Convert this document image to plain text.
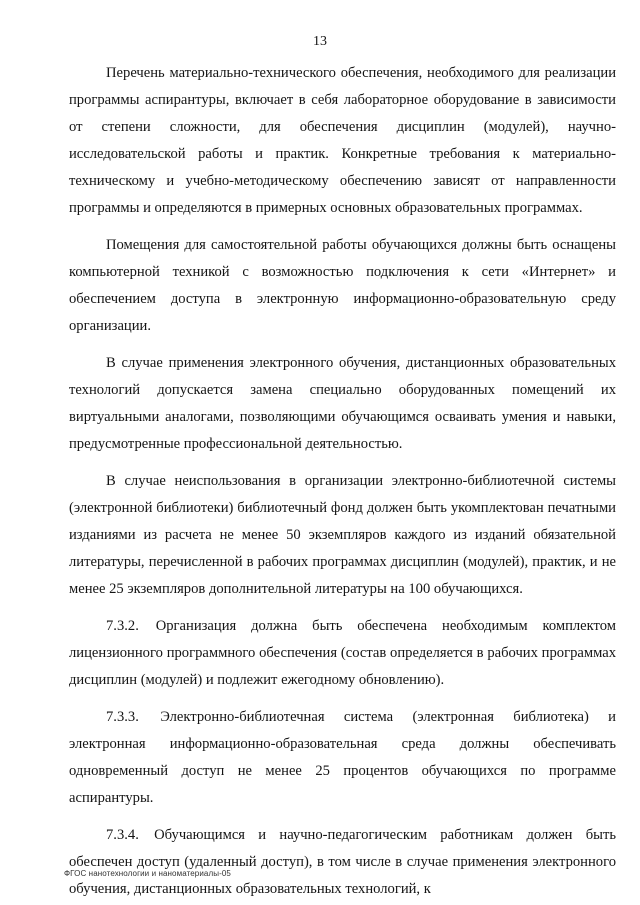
13

Перечень материально-технического обеспечения, необходимого для реализации программы аспирантуры, включает в себя лабораторное оборудование в зависимости от степени сложности, для обеспечения дисциплин (модулей), научно-исследовательской работы и практик. Конкретные требования к материально-техническому и учебно-методическому обеспечению зависят от направленности программы и определяются в примерных основных образовательных программах.

Помещения для самостоятельной работы обучающихся должны быть оснащены компьютерной техникой с возможностью подключения к сети «Интернет» и обеспечением доступа в электронную информационно-образовательную среду организации.

В случае применения электронного обучения, дистанционных образовательных технологий допускается замена специально оборудованных помещений их виртуальными аналогами, позволяющими обучающимся осваивать умения и навыки, предусмотренные профессиональной деятельностью.

В случае неиспользования в организации электронно-библиотечной системы (электронной библиотеки) библиотечный фонд должен быть укомплектован печатными изданиями из расчета не менее 50 экземпляров каждого из изданий обязательной литературы, перечисленной в рабочих программах дисциплин (модулей), практик, и не менее 25 экземпляров дополнительной литературы на 100 обучающихся.

7.3.2. Организация должна быть обеспечена необходимым комплектом лицензионного программного обеспечения (состав определяется в рабочих программах дисциплин (модулей) и подлежит ежегодному обновлению).

7.3.3. Электронно-библиотечная система (электронная библиотека) и электронная информационно-образовательная среда должны обеспечивать одновременный доступ не менее 25 процентов обучающихся по программе аспирантуры.

7.3.4. Обучающимся и научно-педагогическим работникам должен быть обеспечен доступ (удаленный доступ), в том числе в случае применения электронного обучения, дистанционных образовательных технологий, к

ФГОС нанотехнологии и наноматериалы-05
